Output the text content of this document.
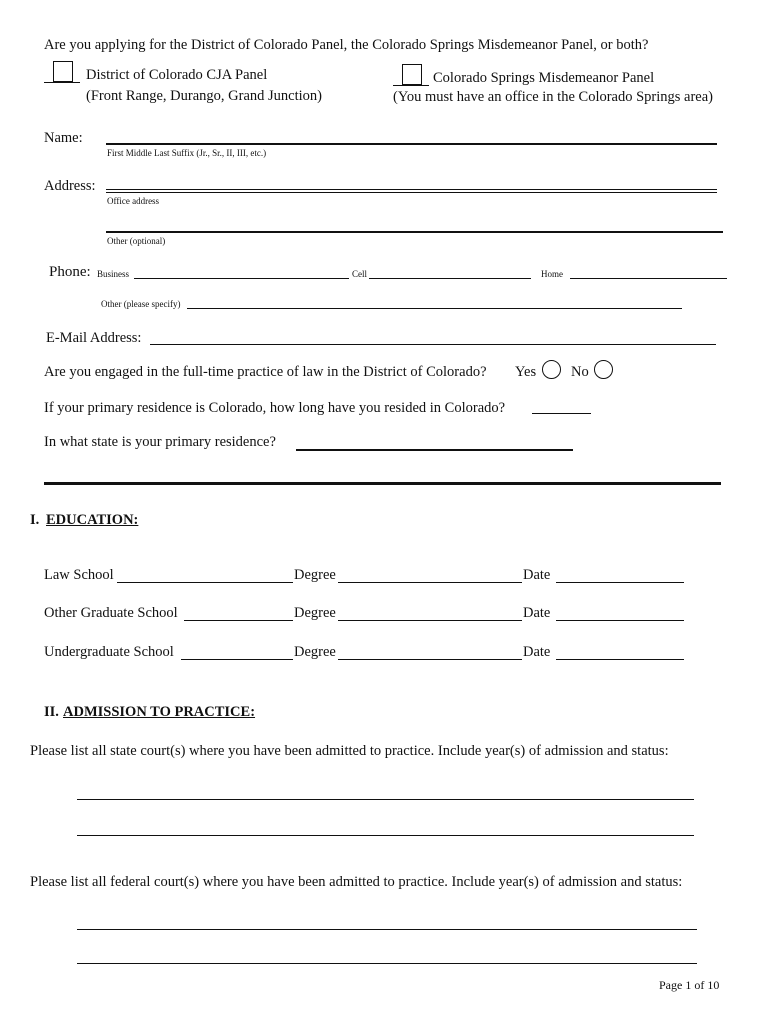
Are you applying for the District of Colorado Panel, the Colorado Springs Misdemeanor Panel, or both?
District of Colorado CJA Panel
(Front Range, Durango, Grand Junction)
Colorado Springs Misdemeanor Panel
(You must have an office in the Colorado Springs area)
Name:
First Middle Last Suffix (Jr., Sr., II, III, etc.)
Address:
Office address
Other (optional)
Phone: Business	Cell	Home
Other (please specify)
E-Mail Address:
Are you engaged in the full-time practice of law in the District of Colorado? Yes No
If your primary residence is Colorado, how long have you resided in Colorado?
In what state is your primary residence?
I. EDUCATION:
Law School	Degree	Date
Other Graduate School	Degree	Date
Undergraduate School	Degree	Date
II. ADMISSION TO PRACTICE:
Please list all state court(s) where you have been admitted to practice. Include year(s) of admission and status:
Please list all federal court(s) where you have been admitted to practice. Include year(s) of admission and status:
Page 1 of 10
